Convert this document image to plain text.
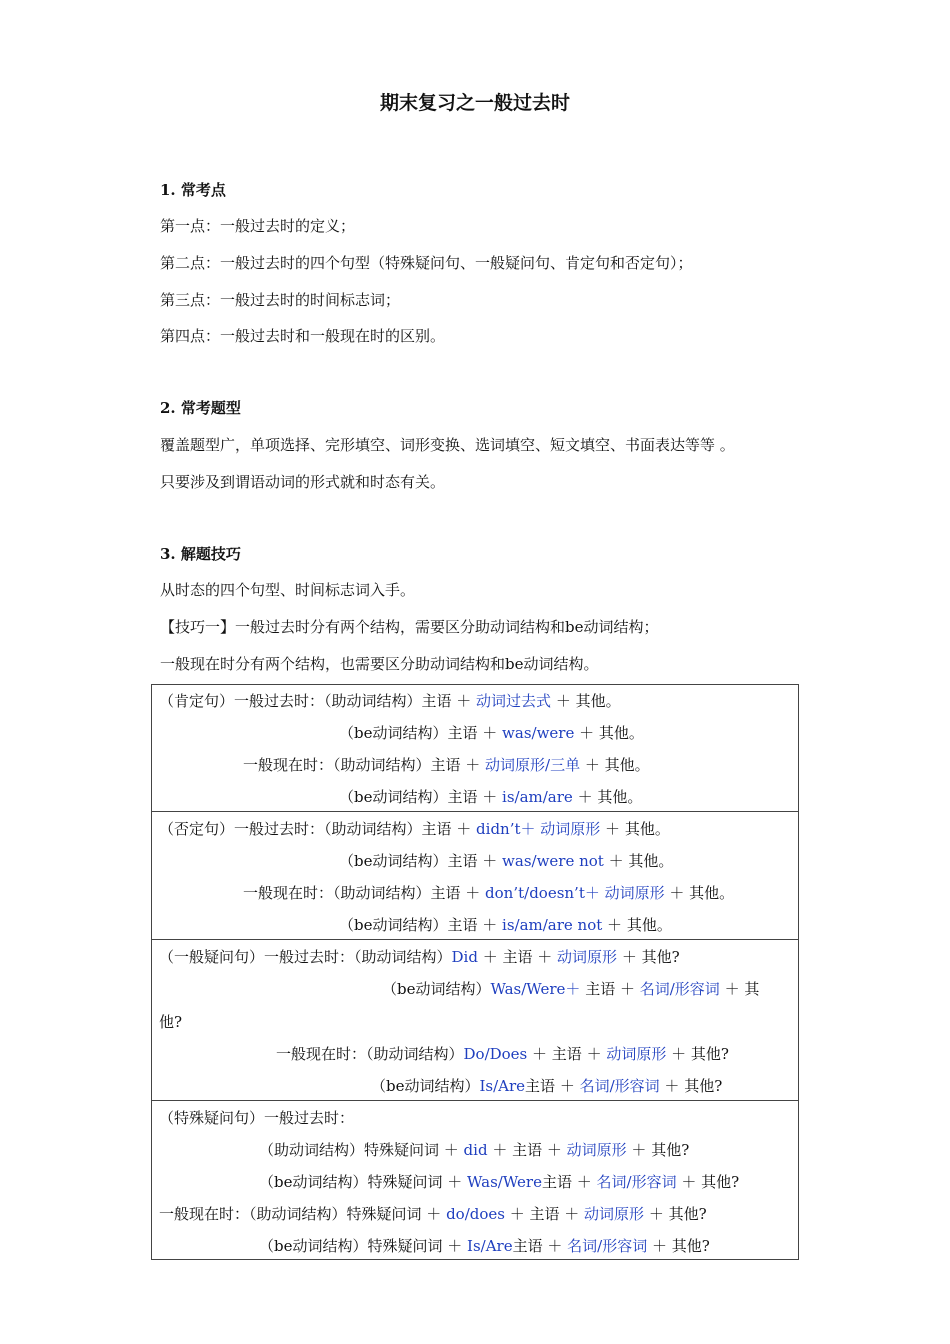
期末复习之一般过去时
1. 常考点
第一点：一般过去时的定义；
第二点：一般过去时的四个句型（特殊疑问句、一般疑问句、肯定句和否定句）；
第三点：一般过去时的时间标志词；
第四点：一般过去时和一般现在时的区别。
2. 常考题型
覆盖题型广，单项选择、完形填空、词形变换、选词填空、短文填空、书面表达等等 。
只要涉及到谓语动词的形式就和时态有关。
3. 解题技巧
从时态的四个句型、时间标志词入手。
【技巧一】一般过去时分有两个结构，需要区分助动词结构和be动词结构；
一般现在时分有两个结构，也需要区分助动词结构和be动词结构。
（肯定句）一般过去时：（助动词结构）主语 ＋ 动词过去式 ＋ 其他。
（be动词结构）主语 ＋ was/were ＋ 其他。
一般现在时：（助动词结构）主语 ＋ 动词原形/三单 ＋ 其他。
（be动词结构）主语 ＋ is/am/are ＋ 其他。
（否定句）一般过去时：（助动词结构）主语 ＋ didn’t＋ 动词原形 ＋ 其他。
（be动词结构）主语 ＋ was/were not ＋ 其他。
一般现在时：（助动词结构）主语 ＋ don’t/doesn’t＋ 动词原形 ＋ 其他。
（be动词结构）主语 ＋ is/am/are not ＋ 其他。
（一般疑问句）一般过去时：（助动词结构）Did ＋ 主语 ＋ 动词原形 ＋ 其他?
（be动词结构）Was/Were＋ 主语 ＋ 名词/形容词 ＋ 其
他?
一般现在时：（助动词结构）Do/Does ＋ 主语 ＋ 动词原形 ＋ 其他?
（be动词结构）Is/Are主语 ＋ 名词/形容词 ＋ 其他?
（特殊疑问句）一般过去时：
（助动词结构）特殊疑问词 ＋ did ＋ 主语 ＋ 动词原形 ＋ 其他?
（be动词结构）特殊疑问词 ＋ Was/Were主语 ＋ 名词/形容词 ＋ 其他?
一般现在时：（助动词结构）特殊疑问词 ＋ do/does ＋ 主语 ＋ 动词原形 ＋ 其他?
（be动词结构）特殊疑问词 ＋ Is/Are主语 ＋ 名词/形容词 ＋ 其他?
